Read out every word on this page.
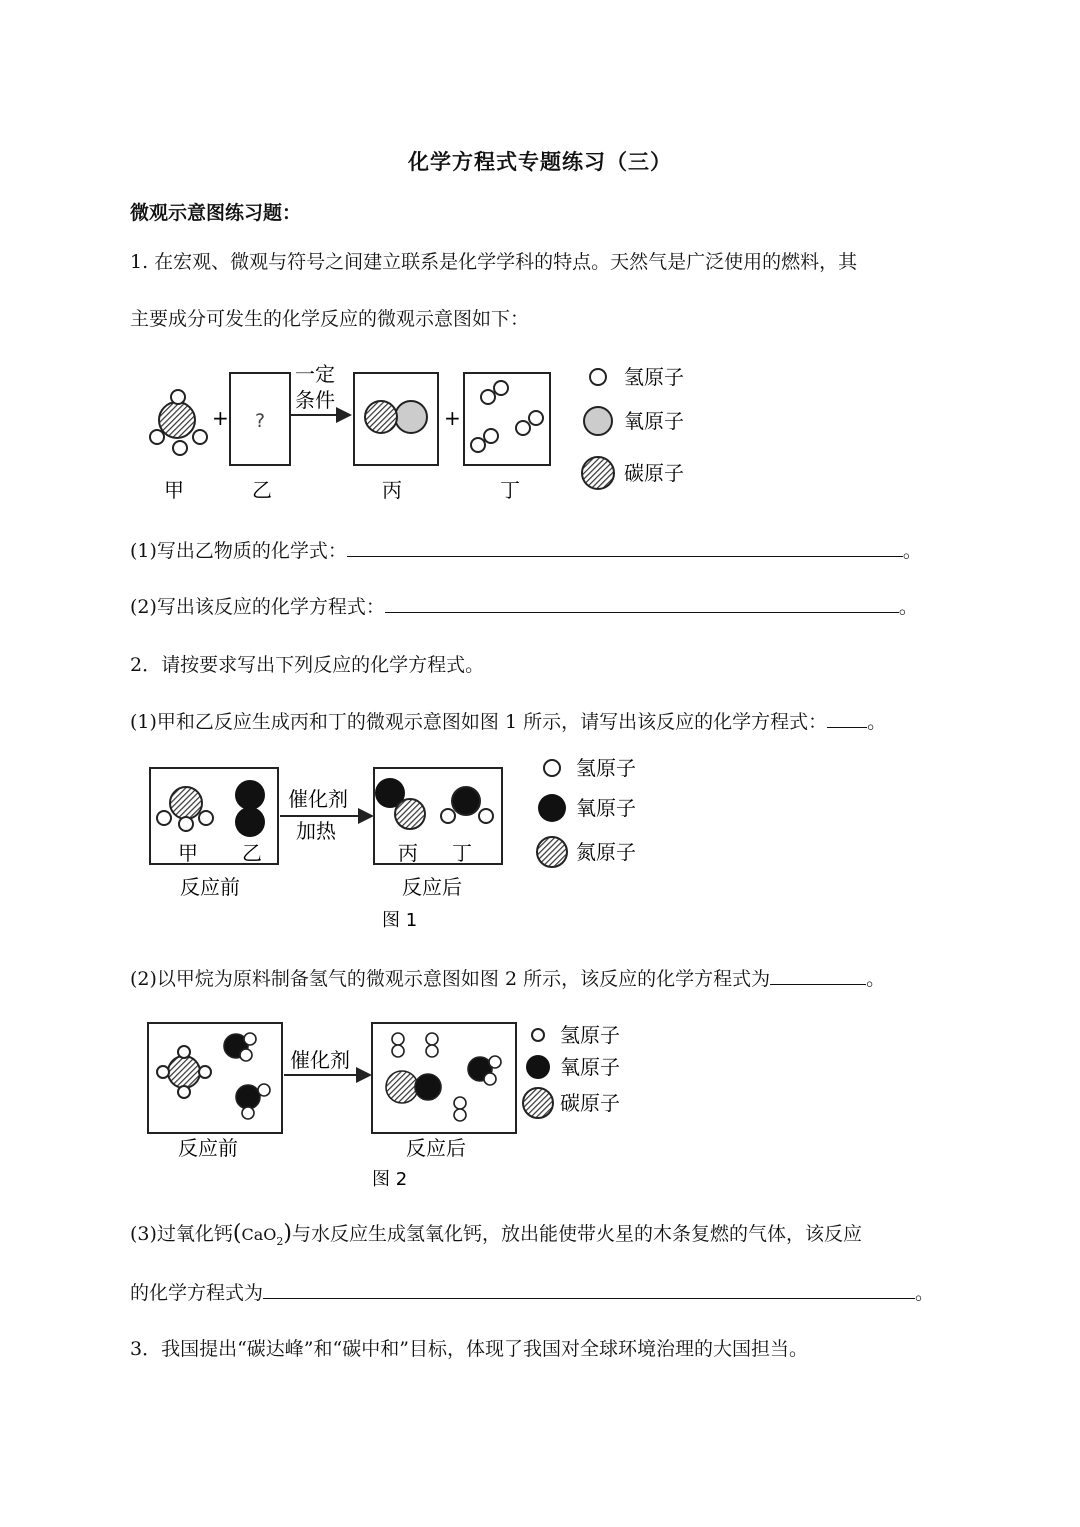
化学方程式专题练习（三）
微观示意图练习题：
1. 在宏观、微观与符号之间建立联系是化学学科的特点。天然气是广泛使用的燃料，其
主要成分可发生的化学反应的微观示意图如下：
+ ?
一定
条件
+
甲	乙	丙	丁
氢原子
氧原子
碳原子
(1)写出乙物质的化学式：	。
(2)写出该反应的化学方程式：	。
2．请按要求写出下列反应的化学方程式。
(1)甲和乙反应生成丙和丁的微观示意图如图 1 所示，请写出该反应的化学方程式： 。
甲 乙
催化剂
加热
丙 丁
反应前	反应后
图 1
氢原子
氧原子
氮原子
(2)以甲烷为原料制备氢气的微观示意图如图 2 所示，该反应的化学方程式为	。
催化剂
反应前	反应后
图 2
氢原子
氧原子
碳原子
(3)过氧化钙(CaO$_2$)与水反应生成氢氧化钙，放出能使带火星的木条复燃的气体，该反应
的化学方程式为	。
3．我国提出“碳达峰”和“碳中和”目标，体现了我国对全球环境治理的大国担当。
